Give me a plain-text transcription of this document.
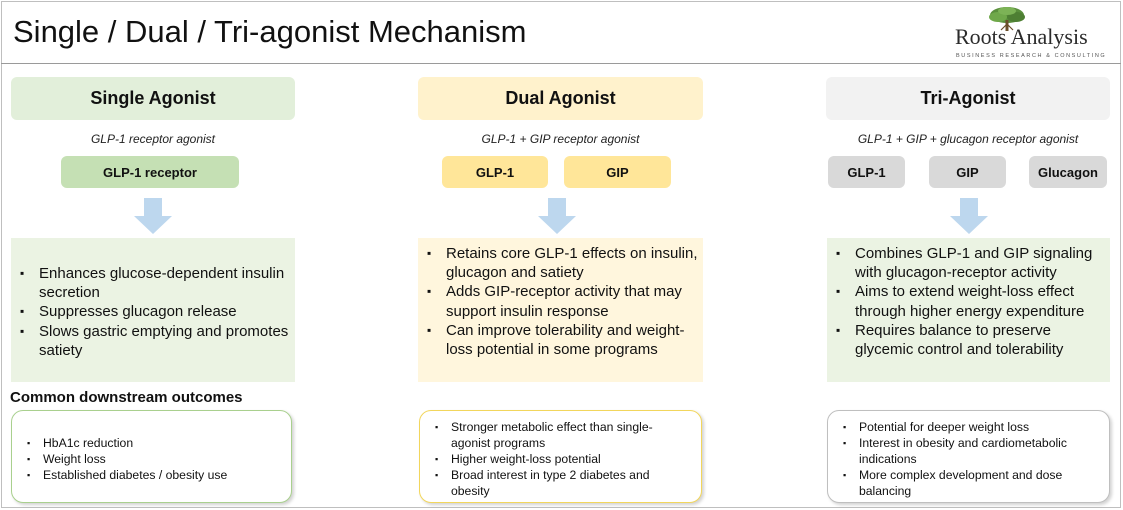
Single / Dual / Tri-agonist Mechanism	Roots Analysis
BUSINESS RESEARCH & CONSULTING
Single Agonist
GLP-1 receptor agonist
GLP-1 receptor
▪ Enhances glucose-dependent insulin secretion
▪ Suppresses glucagon release
▪ Slows gastric emptying and promotes satiety
Common downstream outcomes
▪ HbA1c reduction
▪ Weight loss
▪ Established diabetes / obesity use
Dual Agonist
GLP-1 + GIP receptor agonist
GLP-1	GIP
▪ Retains core GLP-1 effects on insulin, glucagon and satiety
▪ Adds GIP-receptor activity that may support insulin response
▪ Can improve tolerability and weight-loss potential in some programs
▪ Stronger metabolic effect than single-agonist programs
▪ Higher weight-loss potential
▪ Broad interest in type 2 diabetes and obesity
Tri-Agonist
GLP-1 + GIP + glucagon receptor agonist
GLP-1	GIP	Glucagon
▪ Combines GLP-1 and GIP signaling with glucagon-receptor activity
▪ Aims to extend weight-loss effect through higher energy expenditure
▪ Requires balance to preserve glycemic control and tolerability
▪ Potential for deeper weight loss
▪ Interest in obesity and cardiometabolic indications
▪ More complex development and dose balancing
